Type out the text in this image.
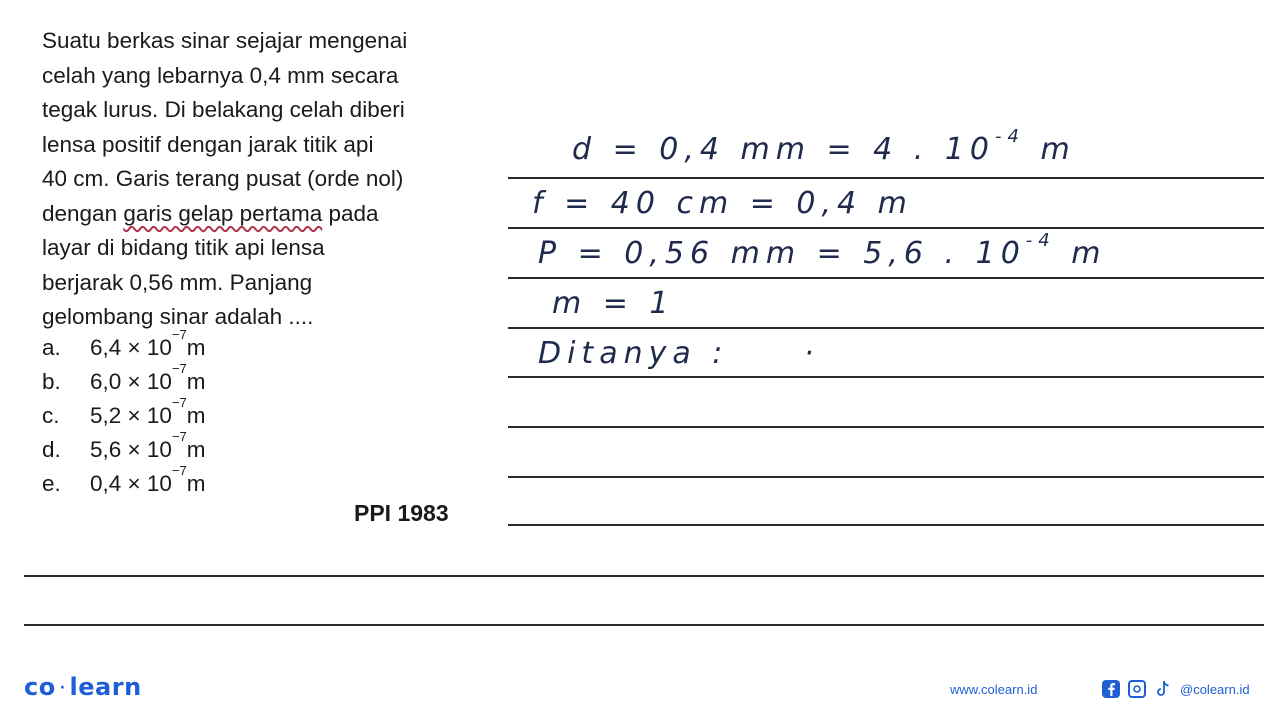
Suatu berkas sinar sejajar mengenai

celah yang lebarnya 0,4 mm secara

tegak lurus. Di belakang celah diberi

lensa positif dengan jarak titik api

40 cm. Garis terang pusat (orde nol)

dengan garis gelap pertama pada

layar di bidang titik api lensa

berjarak 0,56 mm. Panjang

gelombang sinar adalah ....

a.	6,4 × 10
$^{-7}$
m
b.	6,0 × 10
$^{-7}$
m
c.	5,2 × 10
$^{-7}$
m
d.	5,6 × 10
$^{-7}$
m
e.	0,4 × 10
$^{-7}$
m
PPI 1983
d = 0,4 mm = 4 . $10^{-4}$ m
f = 40 cm = 0,4 m
P = 0,56 mm = 5,6 . $10^{-4}$ m
m = 1
Ditanya :	·
co · learn	www.colearn.id	@colearn.id
